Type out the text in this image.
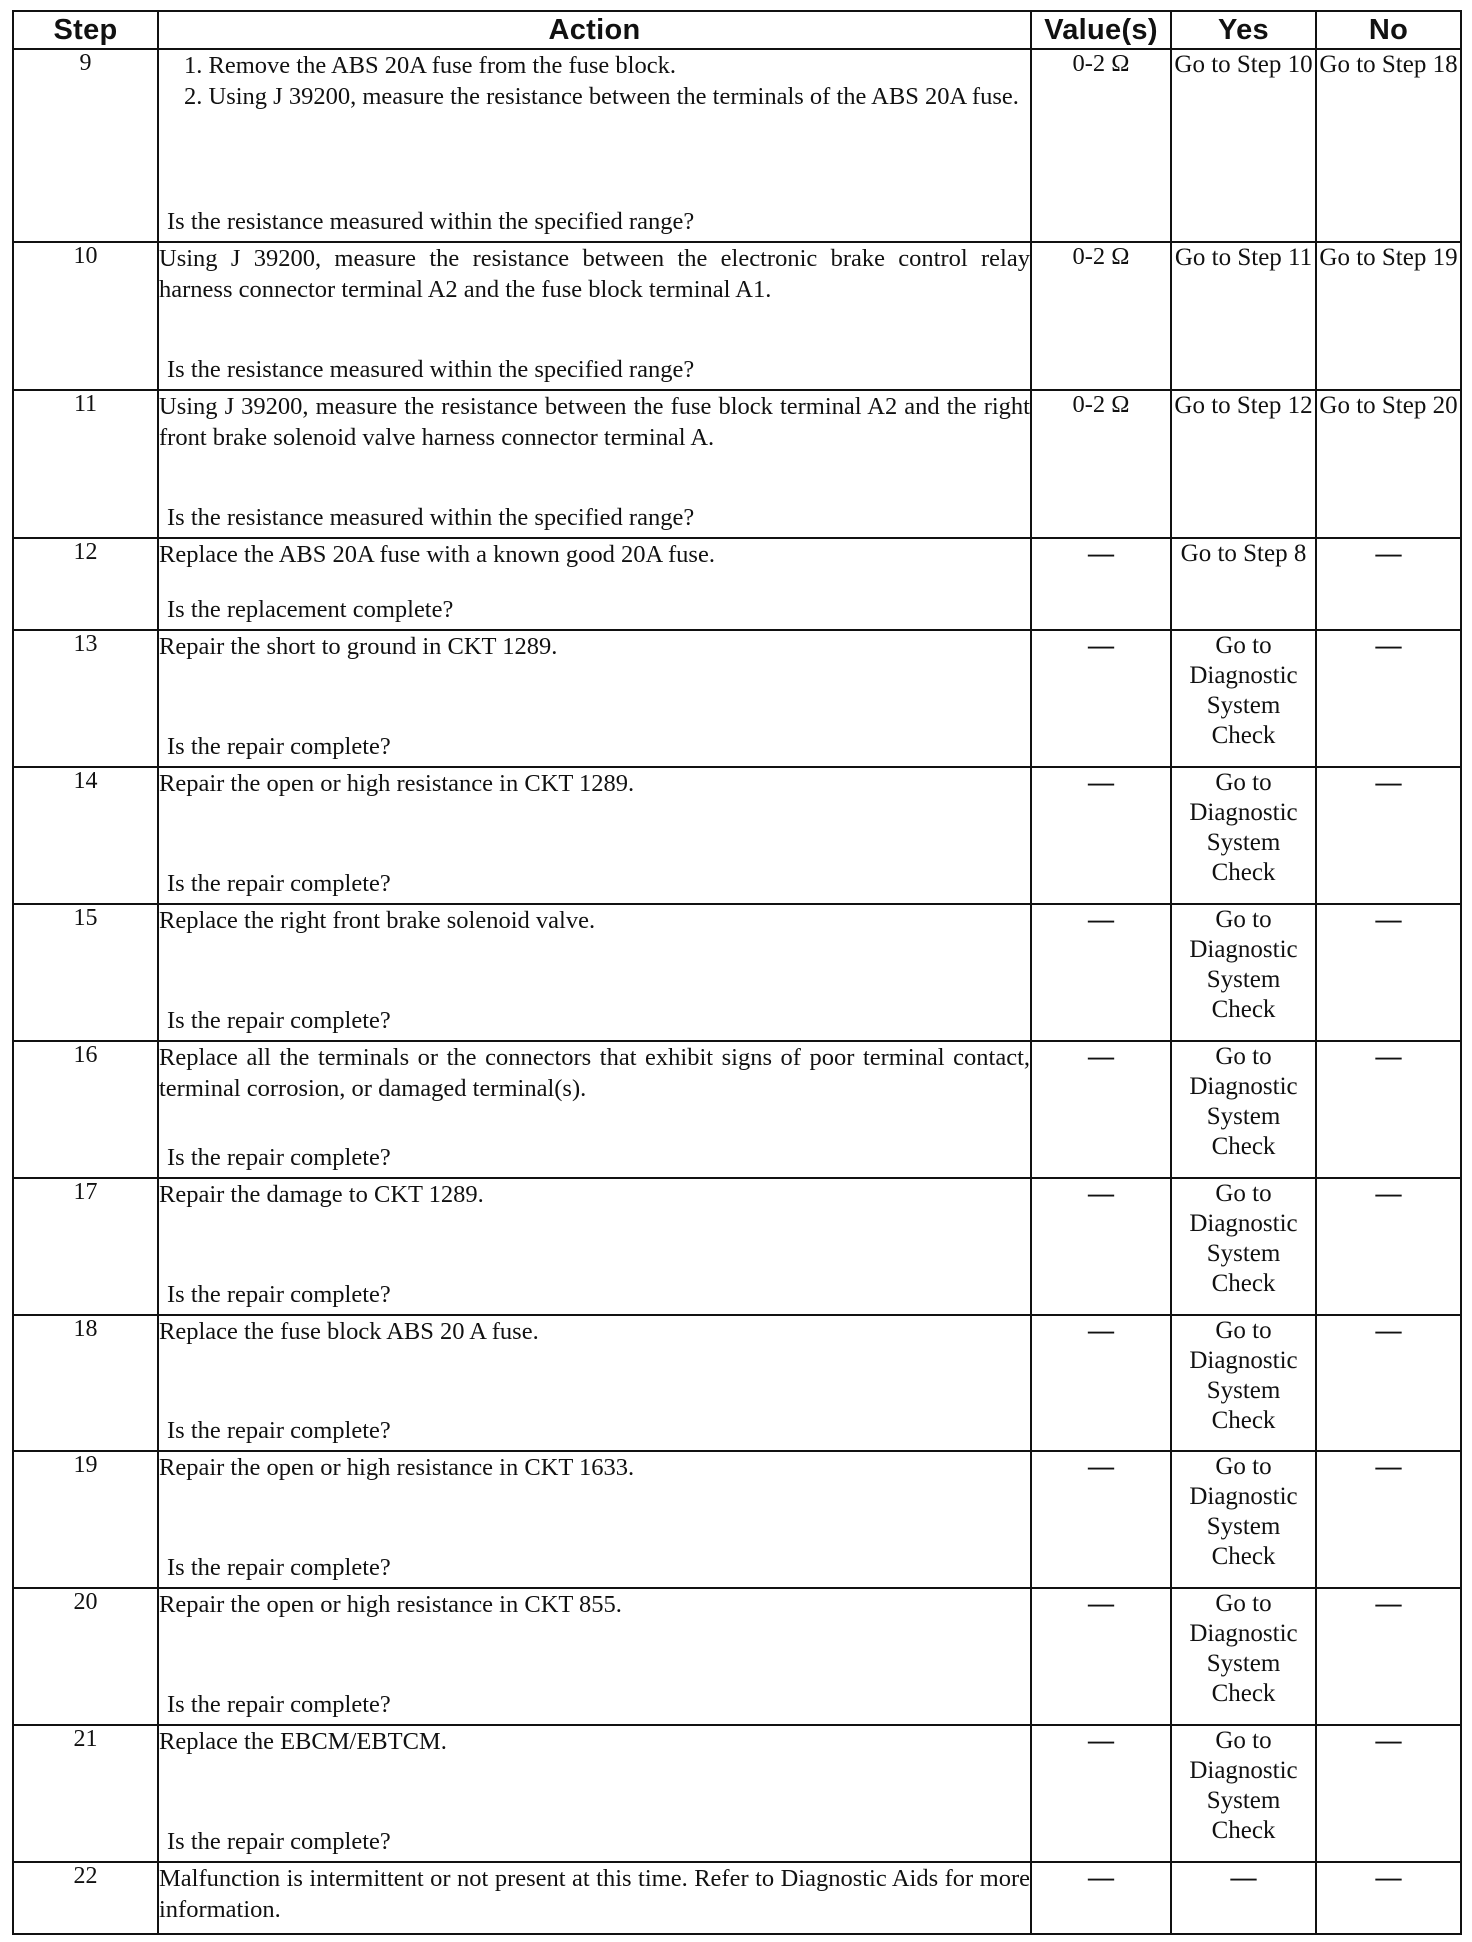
Step	Action	Value(s)	Yes	No
9	1. Remove the ABS 20A fuse from the fuse block.

2. Using J 39200, measure the resistance between the terminals of the ABS 20A fuse.

Is the resistance measured within the specified range?	0-2 Ω	Go to Step 10	Go to Step 18
10	Using J 39200, measure the resistance between the electronic brake control relay harness connector terminal A2 and the fuse block terminal A1.

Is the resistance measured within the specified range?	0-2 Ω	Go to Step 11	Go to Step 19
11	Using J 39200, measure the resistance between the fuse block terminal A2 and the right front brake solenoid valve harness connector terminal A.

Is the resistance measured within the specified range?	0-2 Ω	Go to Step 12	Go to Step 20
12	Replace the ABS 20A fuse with a known good 20A fuse.

Is the replacement complete?	—	Go to Step 8	—
13	Repair the short to ground in CKT 1289.

Is the repair complete?	—	Go to Diagnostic System Check	—
14	Repair the open or high resistance in CKT 1289.

Is the repair complete?	—	Go to Diagnostic System Check	—
15	Replace the right front brake solenoid valve.

Is the repair complete?	—	Go to Diagnostic System Check	—
16	Replace all the terminals or the connectors that exhibit signs of poor terminal contact, terminal corrosion, or damaged terminal(s).

Is the repair complete?	—	Go to Diagnostic System Check	—
17	Repair the damage to CKT 1289.

Is the repair complete?	—	Go to Diagnostic System Check	—
18	Replace the fuse block ABS 20 A fuse.

Is the repair complete?	—	Go to Diagnostic System Check	—
19	Repair the open or high resistance in CKT 1633.

Is the repair complete?	—	Go to Diagnostic System Check	—
20	Repair the open or high resistance in CKT 855.

Is the repair complete?	—	Go to Diagnostic System Check	—
21	Replace the EBCM/EBTCM.

Is the repair complete?	—	Go to Diagnostic System Check	—
22	Malfunction is intermittent or not present at this time. Refer to Diagnostic Aids for more information.	—	—	—
